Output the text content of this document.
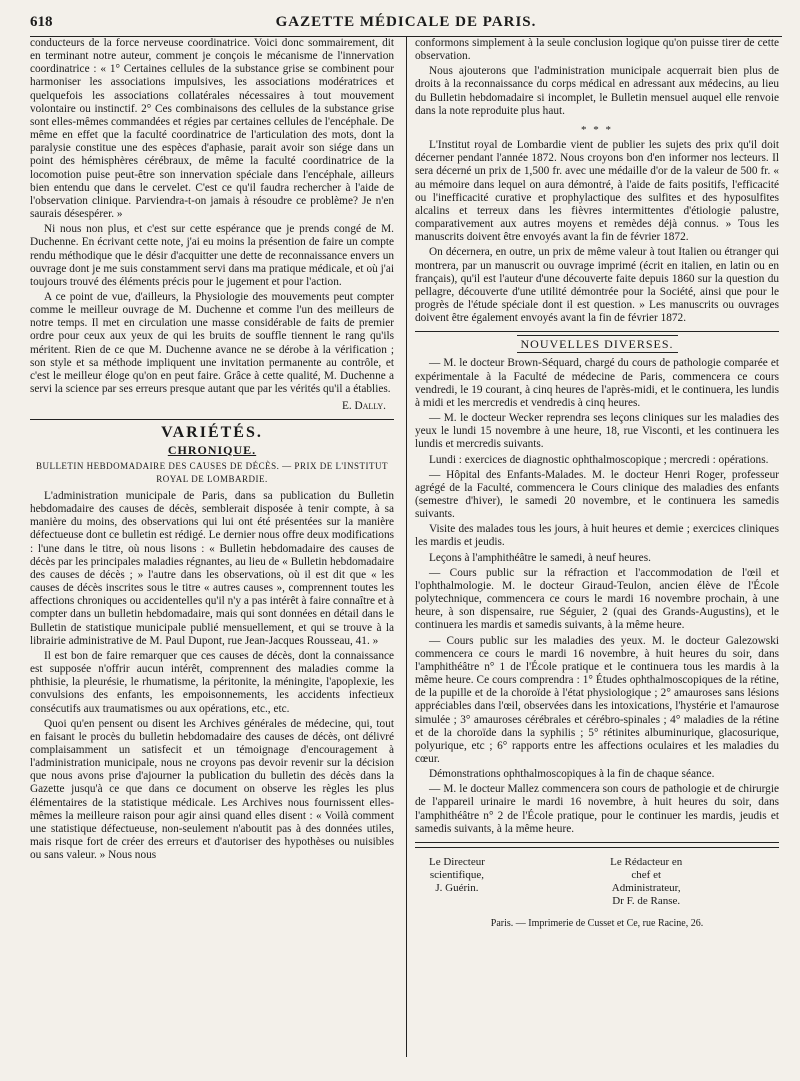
618	GAZETTE MÉDICALE DE PARIS.

conducteurs de la force nerveuse coordinatrice. Voici donc sommairement, dit en terminant notre auteur, comment je conçois le mécanisme de l'innervation coordinatrice : « 1° Certaines cellules de la substance grise se combinent pour harmoniser les associations impulsives, les associations modératrices et quelquefois les associations collatérales nécessaires à tout mouvement volontaire ou instinctif. 2° Ces combinaisons des cellules de la substance grise sont elles-mêmes commandées et régies par certaines cellules de l'encéphale. De même en effet que la faculté coordinatrice de l'articulation des mots, dont la paralysie constitue une des espèces d'aphasie, parait avoir son siége dans un point des hémisphères cérébraux, de même la faculté coordinatrice de la locomotion puise peut-être son innervation spéciale dans l'encéphale, ailleurs bien entendu que dans le cervelet. C'est ce qu'il faudra rechercher à l'aide de l'observation clinique. Parviendra-t-on jamais à résoudre ce problème? Je n'en saurais désespérer. »

Ni nous non plus, et c'est sur cette espérance que je prends congé de M. Duchenne. En écrivant cette note, j'ai eu moins la présention de faire un compte rendu méthodique que le désir d'acquitter une dette de reconnaissance envers un ouvrage dont je me suis constamment servi dans ma pratique médicale, et où j'ai toujours trouvé des éléments précis pour le jugement et pour l'action.

A ce point de vue, d'ailleurs, la Physiologie des mouvements peut compter comme le meilleur ouvrage de M. Duchenne et comme l'un des meilleurs de notre temps. Il met en circulation une masse considérable de faits de premier ordre pour ceux aux yeux de qui les bruits de souffle tiennent le rang qu'ils méritent. Rien de ce que M. Duchenne avance ne se dérobe à la vérification ; son style et sa méthode impliquent une invitation permanente au contrôle, et c'est le meilleur éloge qu'on en peut faire. Grâce à cette qualité, M. Duchenne a servi la science par ses erreurs presque autant que par les vérités qu'il a établies.

E. Dally.
VARIÉTÉS.
CHRONIQUE.
BULLETIN HEBDOMADAIRE DES CAUSES DE DÉCÈS. — PRIX DE L'INSTITUT ROYAL DE LOMBARDIE.

L'administration municipale de Paris, dans sa publication du Bulletin hebdomadaire des causes de décès, semblerait disposée à tenir compte, à sa manière du moins, des observations qui lui ont été présentées sur la manière défectueuse dont ce bulletin est rédigé. Le dernier nous offre deux modifications : l'une dans le titre, où nous lisons : « Bulletin hebdomadaire des causes de décès par les principales maladies régnantes, au lieu de « Bulletin hebdomadaire des causes de décès ; » l'autre dans les observations, où il est dit que « les causes de décès inscrites sous le titre « autres causes », comprennent toutes les affections chroniques ou accidentelles qu'il n'y a pas intérêt à faire connaître et à compter dans un bulletin hebdomadaire, mais qui sont données en détail dans le Bulletin de statistique municipale publié mensuellement, et qui se trouve à la librairie administrative de M. Paul Dupont, rue Jean-Jacques Rousseau, 41. »

Il est bon de faire remarquer que ces causes de décès, dont la connaissance est supposée n'offrir aucun intérêt, comprennent des maladies comme la phthisie, la pleurésie, le rhumatisme, la péritonite, la méningite, l'apoplexie, les convulsions des enfants, les empoisonnements, les accidents infectieux consécutifs aux traumatismes ou aux opérations, etc., etc.

Quoi qu'en pensent ou disent les Archives générales de médecine, qui, tout en faisant le procès du bulletin hebdomadaire des causes de décès, ont délivré complaisamment un satisfecit et un témoignage d'encouragement à l'administration municipale, nous ne croyons pas devoir revenir sur la décision que nous avons prise d'ajourner la publication du bulletin des décès dans la Gazette jusqu'à ce que dans ce document on observe les règles les plus élémentaires de la statistique médicale. Les Archives nous fournissent elles-mêmes la meilleure raison pour agir ainsi quand elles disent : « Voilà comment une statistique défectueuse, non-seulement n'aboutit pas à des données utiles, mais risque fort de créer des erreurs et d'autoriser des hypothèses ou nuisibles ou sans valeur. » Nous nous

conformons simplement à la seule conclusion logique qu'on puisse tirer de cette observation.

Nous ajouterons que l'administration municipale acquerrait bien plus de droits à la reconnaissance du corps médical en adressant aux médecins, au lieu du Bulletin hebdomadaire si incomplet, le Bulletin mensuel auquel elle renvoie dans la note reproduite plus haut.

* * *

L'Institut royal de Lombardie vient de publier les sujets des prix qu'il doit décerner pendant l'année 1872. Nous croyons bon d'en informer nos lecteurs. Il sera décerné un prix de 1,500 fr. avec une médaille d'or de la valeur de 500 fr. « au mémoire dans lequel on aura démontré, à l'aide de faits positifs, l'efficacité ou l'inefficacité curative et prophylactique des sulfites et des hyposulfites alcalins et terreux dans les fièvres intermittentes d'étiologie palustre, comparativement aux autres moyens et remèdes déjà connus. » Tous les manuscrits doivent être envoyés avant la fin de février 1872.

On décernera, en outre, un prix de même valeur à tout Italien ou étranger qui montrera, par un manuscrit ou ouvrage imprimé (écrit en italien, en latin ou en français), qu'il est l'auteur d'une découverte faite depuis 1860 sur la question du pellagre, découverte d'une utilité démontrée pour la Société, ainsi que pour le progrès de l'étude spéciale dont il est question. » Les manuscrits ou ouvrages doivent être également envoyés avant la fin de février 1872.

NOUVELLES DIVERSES.

— M. le docteur Brown-Séquard, chargé du cours de pathologie comparée et expérimentale à la Faculté de médecine de Paris, commencera ce cours vendredi, le 19 courant, à cinq heures de l'après-midi, et le continuera, les lundis à midi et les mercredis et vendredis à cinq heures.

— M. le docteur Wecker reprendra ses leçons cliniques sur les maladies des yeux le lundi 15 novembre à une heure, 18, rue Visconti, et les continuera les lundis et mercredis suivants.

Lundi : exercices de diagnostic ophthalmoscopique ; mercredi : opérations.

— Hôpital des Enfants-Malades. M. le docteur Henri Roger, professeur agrégé de la Faculté, commencera le Cours clinique des maladies des enfants (semestre d'hiver), le samedi 20 novembre, et le continuera les samedis suivants.

Visite des malades tous les jours, à huit heures et demie ; exercices cliniques les mardis et jeudis.

Leçons à l'amphithéâtre le samedi, à neuf heures.

— Cours public sur la réfraction et l'accommodation de l'œil et l'ophthalmologie. M. le docteur Giraud-Teulon, ancien élève de l'École polytechnique, commencera ce cours le mardi 16 novembre prochain, à une heure, à son dispensaire, rue Séguier, 2 (quai des Grands-Augustins), et le continuera les mardis et samedis suivants, à la même heure.

— Cours public sur les maladies des yeux. M. le docteur Galezowski commencera ce cours le mardi 16 novembre, à huit heures du soir, dans l'amphithéâtre n° 1 de l'École pratique et le continuera tous les mardis à la même heure. Ce cours comprendra : 1° Études ophthalmoscopiques de la rétine, de la pupille et de la choroïde à l'état physiologique ; 2° amauroses sans lésions appréciables dans l'œil, observées dans les intoxications, l'hystérie et l'amaurose simulée ; 3° amauroses cérébrales et cérébro-spinales ; 4° maladies de la rétine et de la choroïde dans la syphilis ; 5° rétinites albuminurique, glacosurique, polyurique, etc ; 6° rapports entre les affections oculaires et les maladies du cœur.

Démonstrations ophthalmoscopiques à la fin de chaque séance.

— M. le docteur Mallez commencera son cours de pathologie et de chirurgie de l'appareil urinaire le mardi 16 novembre, à huit heures du soir, dans l'amphithéâtre n° 2 de l'École pratique, pour le continuer les mardis, jeudis et samedis suivants, à la même heure.

Le Directeur scientifique,
J. Guérin.
Le Rédacteur en chef et Administrateur,
Dr F. de Ranse.
Paris. — Imprimerie de Cusset et Ce, rue Racine, 26.
